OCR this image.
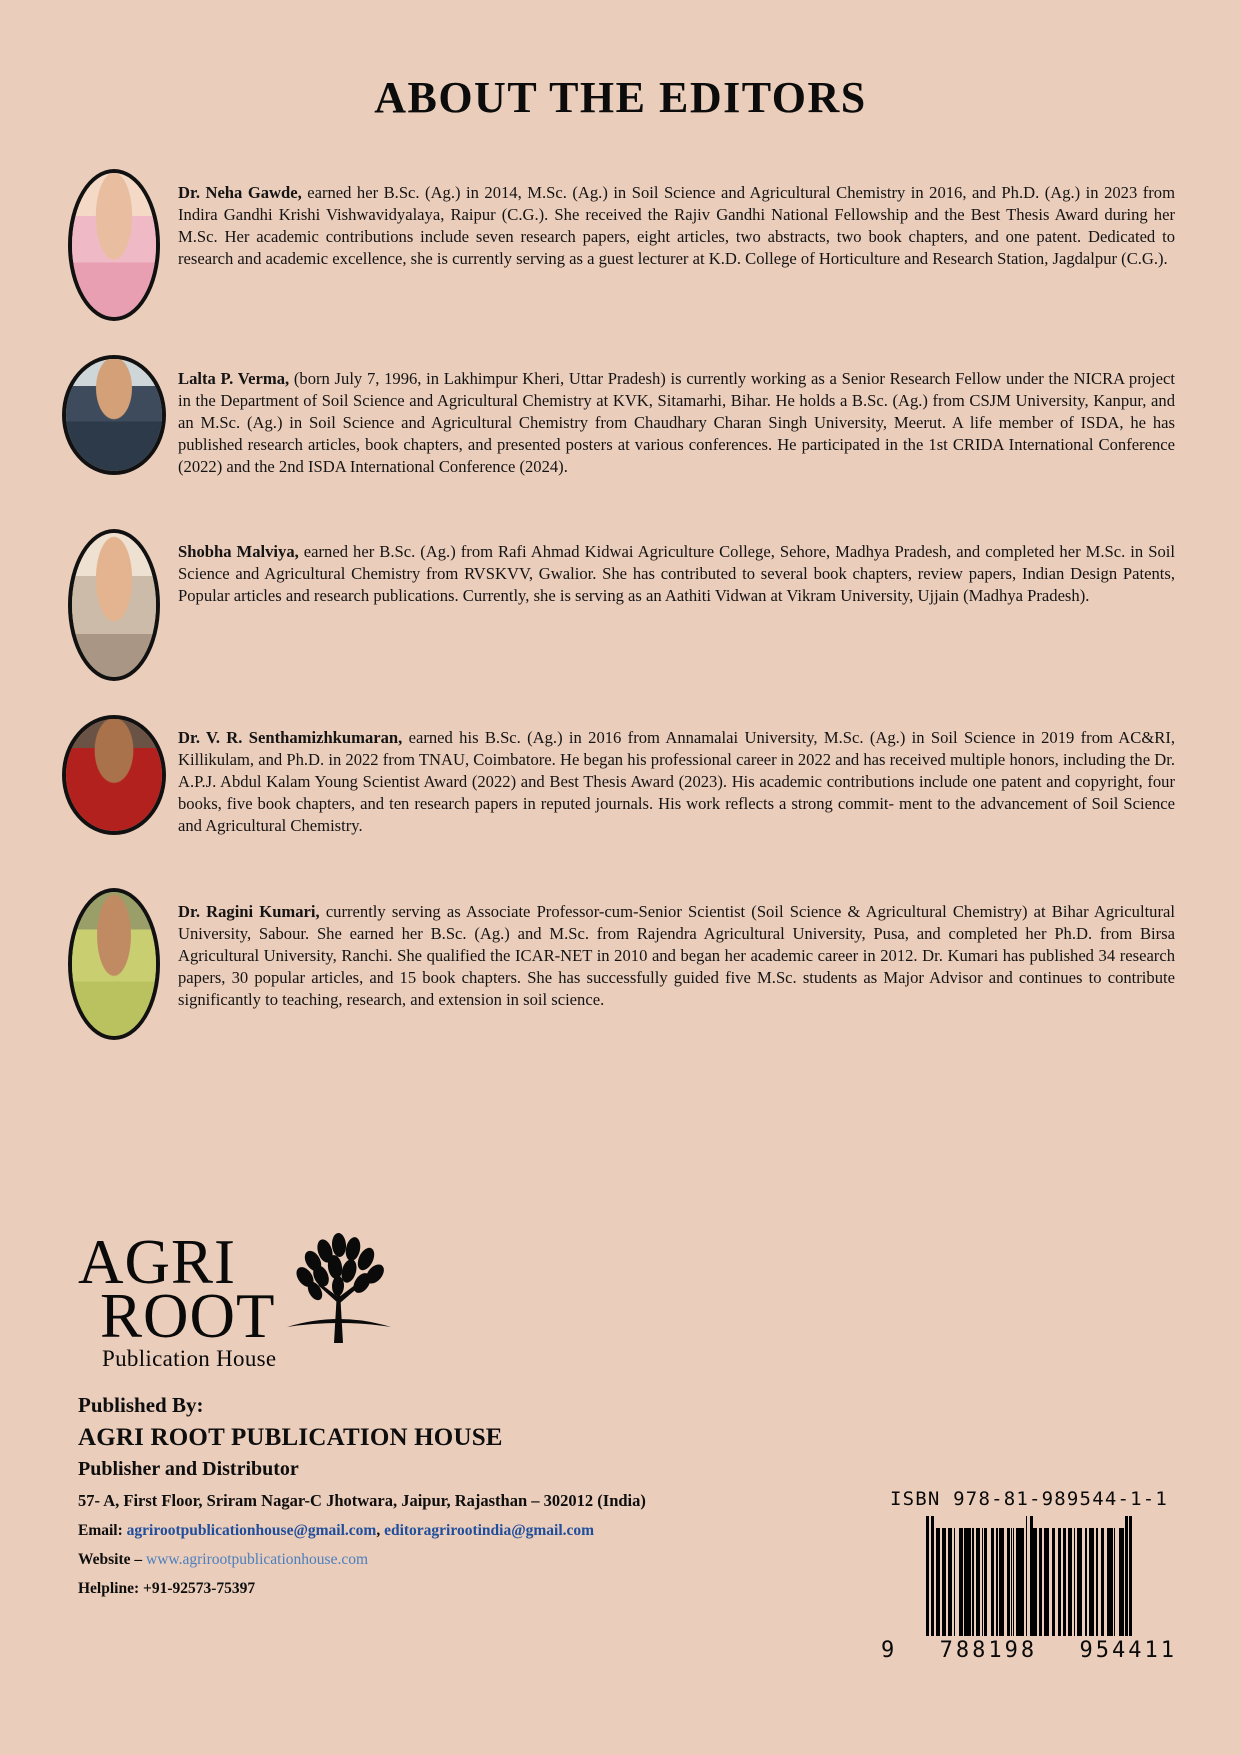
ABOUT THE EDITORS

Dr. Neha Gawde, earned her B.Sc. (Ag.) in 2014, M.Sc. (Ag.) in Soil Science and Agricultural Chemistry in 2016, and Ph.D. (Ag.) in 2023 from Indira Gandhi Krishi Vishwavidyalaya, Raipur (C.G.). She received the Rajiv Gandhi National Fellowship and the Best Thesis Award during her M.Sc. Her academic contributions include seven research papers, eight articles, two abstracts, two book chapters, and one patent. Dedicated to research and academic excellence, she is currently serving as a guest lecturer at K.D. College of Horticulture and Research Station, Jagdalpur (C.G.).

Lalta P. Verma, (born July 7, 1996, in Lakhimpur Kheri, Uttar Pradesh) is currently working as a Senior Research Fellow under the NICRA project in the Department of Soil Science and Agricultural Chemistry at KVK, Sitamarhi, Bihar. He holds a B.Sc. (Ag.) from CSJM University, Kanpur, and an M.Sc. (Ag.) in Soil Science and Agricultural Chemistry from Chaudhary Charan Singh University, Meerut. A life member of ISDA, he has published research articles, book chapters, and presented posters at various conferences. He participated in the 1st CRIDA International Conference (2022) and the 2nd ISDA International Conference (2024).

Shobha Malviya, earned her B.Sc. (Ag.) from Rafi Ahmad Kidwai Agriculture College, Sehore, Madhya Pradesh, and completed her M.Sc. in Soil Science and Agricultural Chemistry from RVSKVV, Gwalior. She has contributed to several book chapters, review papers, Indian Design Patents, Popular articles and research publications. Currently, she is serving as an Aathiti Vidwan at Vikram University, Ujjain (Madhya Pradesh).

Dr. V. R. Senthamizhkumaran, earned his B.Sc. (Ag.) in 2016 from Annamalai University, M.Sc. (Ag.) in Soil Science in 2019 from AC&RI, Killikulam, and Ph.D. in 2022 from TNAU, Coimbatore. He began his professional career in 2022 and has received multiple honors, including the Dr. A.P.J. Abdul Kalam Young Scientist Award (2022) and Best Thesis Award (2023). His academic contributions include one patent and copyright, four books, five book chapters, and ten research papers in reputed journals. His work reflects a strong commit- ment to the advancement of Soil Science and Agricultural Chemistry.

Dr. Ragini Kumari, currently serving as Associate Professor-cum-Senior Scientist (Soil Science & Agricultural Chemistry) at Bihar Agricultural University, Sabour. She earned her B.Sc. (Ag.) and M.Sc. from Rajendra Agricultural University, Pusa, and completed her Ph.D. from Birsa Agricultural University, Ranchi. She qualified the ICAR-NET in 2010 and began her academic career in 2012. Dr. Kumari has published 34 research papers, 30 popular articles, and 15 book chapters. She has successfully guided five M.Sc. students as Major Advisor and continues to contribute significantly to teaching, research, and extension in soil science.

AGRI
ROOT
Publication House

Published By:

AGRI ROOT PUBLICATION HOUSE

Publisher and Distributor

57- A, First Floor, Sriram Nagar-C Jhotwara, Jaipur, Rajasthan – 302012 (India)

Email: agrirootpublicationhouse@gmail.com, editoragrirootindia@gmail.com

Website – www.agrirootpublicationhouse.com

Helpline: +91-92573-75397

ISBN 978-81-989544-1-1
9 788198 954411
